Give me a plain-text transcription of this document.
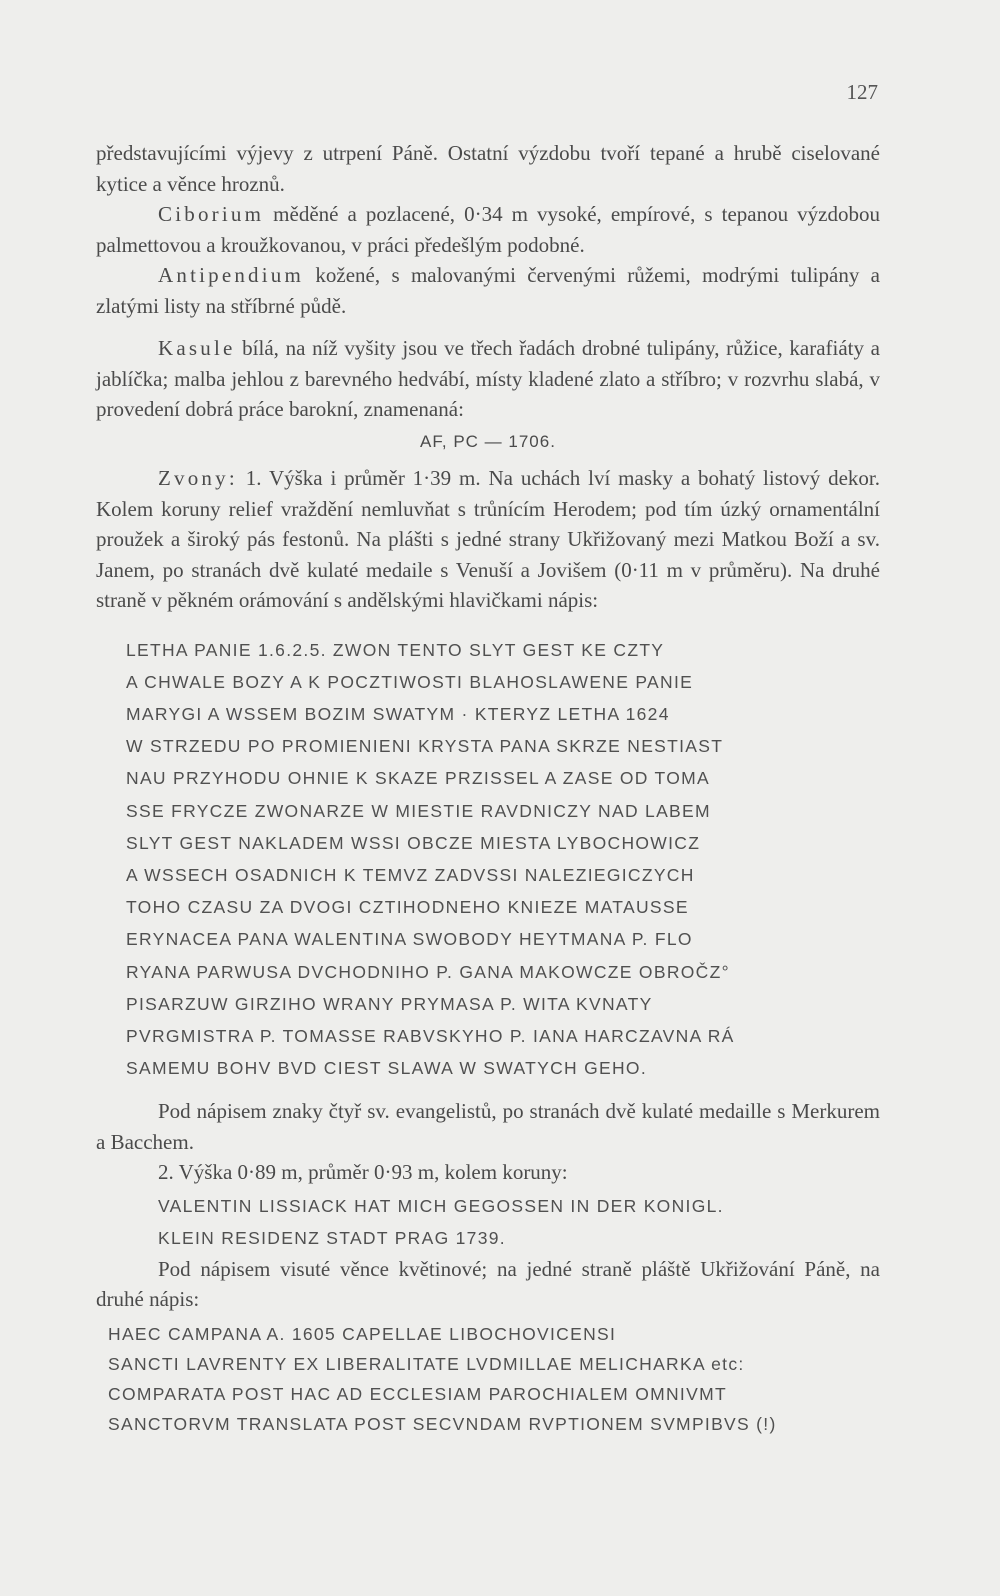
127

představujícími výjevy z utrpení Páně. Ostatní výzdobu tvoří tepané a hrubě ciselované kytice a věnce hroznů.

Ciborium měděné a pozlacené, 0·34 m vysoké, empírové, s tepanou výzdobou palmettovou a kroužkovanou, v práci předešlým podobné.

Antipendium kožené, s malovanými červenými růžemi, modrými tulipány a zlatými listy na stříbrné půdě.

Kasule bílá, na níž vyšity jsou ve třech řadách drobné tulipány, růžice, karafiáty a jablíčka; malba jehlou z barevného hedvábí, místy kladené zlato a stříbro; v rozvrhu slabá, v provedení dobrá práce barokní, znamenaná:

AF, PC — 1706.

Zvony: 1. Výška i průměr 1·39 m. Na uchách lví masky a bohatý listový dekor. Kolem koruny relief vraždění nemluvňat s trůnícím Herodem; pod tím úzký ornamentální proužek a široký pás festonů. Na plášti s jedné strany Ukřižovaný mezi Matkou Boží a sv. Janem, po stranách dvě kulaté medaile s Venuší a Jovišem (0·11 m v průměru). Na druhé straně v pěkném orámování s andělskými hlavičkami nápis:

LETHA PANIE 1.6.2.5. ZWON TENTO SLYT GEST KE CZTY
A CHWALE BOZY A K POCZTIWOSTI BLAHOSLAWENE PANIE
MARYGI A WSSEM BOZIM SWATYM · KTERYZ LETHA 1624
W STRZEDU PO PROMIENIENI KRYSTA PANA SKRZE NESTIAST
NAU PRZYHODU OHNIE K SKAZE PRZISSEL A ZASE OD TOMA
SSE FRYCZE ZWONARZE W MIESTIE RAVDNICZY NAD LABEM
SLYT GEST NAKLADEM WSSI OBCZE MIESTA LYBOCHOWICZ
A WSSECH OSADNICH K TEMVZ ZADVSSI NALEZIEGICZYCH
TOHO CZASU ZA DVOGI CZTIHODNEHO KNIEZE MATAUSSE
ERYNACEA PANA WALENTINA SWOBODY HEYTMANA P. FLO
RYANA PARWUSA DVCHODNIHO P. GANA MAKOWCZE OBROČZ°
PISARZUW GIRZIHO WRANY PRYMASA P. WITA KVNATY
PVRGMISTRA P. TOMASSE RABVSKYHO P. IANA HARCZAVNA RÁ
SAMEMU BOHV BVD CIEST SLAWA W SWATYCH GEHO.

Pod nápisem znaky čtyř sv. evangelistů, po stranách dvě kulaté medaille s Merkurem a Bacchem.

2. Výška 0·89 m, průměr 0·93 m, kolem koruny:

VALENTIN LISSIACK HAT MICH GEGOSSEN IN DER KONIGL.
KLEIN RESIDENZ STADT PRAG 1739.

Pod nápisem visuté věnce květinové; na jedné straně pláště Ukřižování Páně, na druhé nápis:

HAEC CAMPANA A. 1605 CAPELLAE LIBOCHOVICENSI
SANCTI LAVRENTY EX LIBERALITATE LVDMILLAE MELICHARKA etc:
COMPARATA POST HAC AD ECCLESIAM PAROCHIALEM OMNIVMT
SANCTORVM TRANSLATA POST SECVNDAM RVPTIONEM SVMPIBVS (!)
